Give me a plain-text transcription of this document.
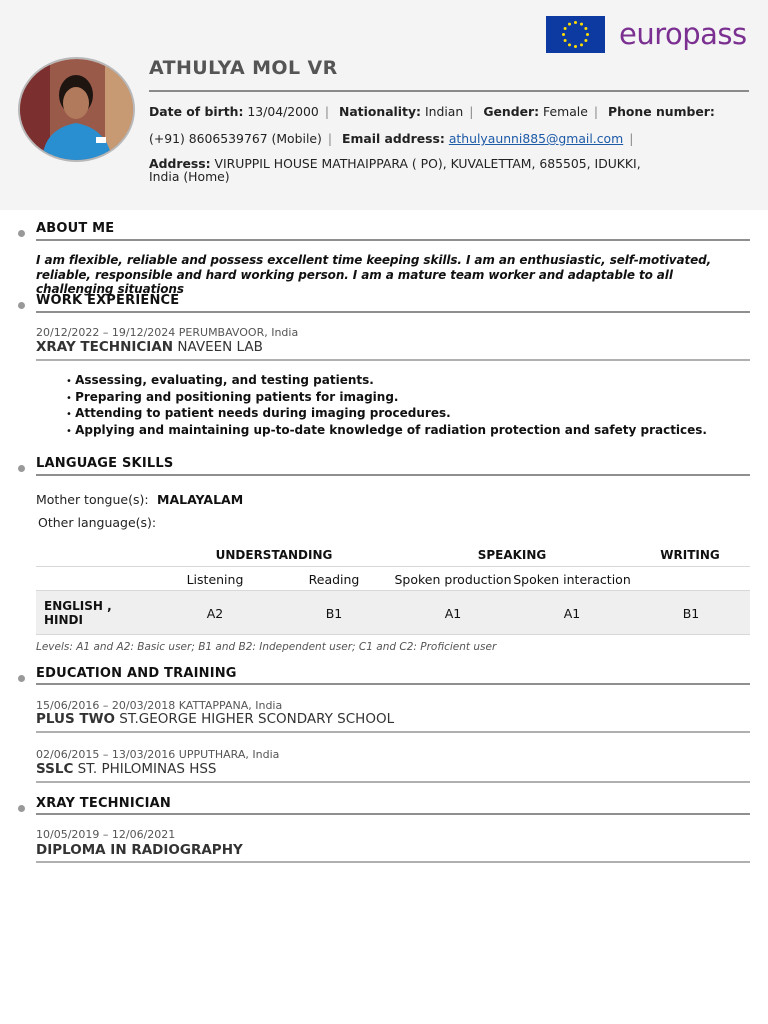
europass
ATHULYA MOL VR
Date of birth: 13/04/2000 | Nationality: Indian | Gender: Female | Phone number:
(+91) 8606539767 (Mobile) | Email address: athulyaunni885@gmail.com |
Address: VIRUPPIL HOUSE MATHAIPPARA ( PO), KUVALETTAM, 685505, IDUKKI,
India (Home)
ABOUT ME
I am flexible, reliable and possess excellent time keeping skills. I am an enthusiastic, self-motivated, reliable, responsible and hard working person. I am a mature team worker and adaptable to all challenging situations
WORK EXPERIENCE
20/12/2022 – 19/12/2024 PERUMBAVOOR, India
XRAY TECHNICIAN NAVEEN LAB
• Assessing, evaluating, and testing patients.
• Preparing and positioning patients for imaging.
• Attending to patient needs during imaging procedures.
• Applying and maintaining up-to-date knowledge of radiation protection and safety practices.
LANGUAGE SKILLS
Mother tongue(s): MALAYALAM
Other language(s):
UNDERSTANDING	SPEAKING	WRITING
Listening	Reading	Spoken production Spoken interaction
ENGLISH ,
HINDI	A2	B1	A1	A1	B1
Levels: A1 and A2: Basic user; B1 and B2: Independent user; C1 and C2: Proficient user
EDUCATION AND TRAINING
15/06/2016 – 20/03/2018 KATTAPPANA, India
PLUS TWO ST.GEORGE HIGHER SCONDARY SCHOOL
02/06/2015 – 13/03/2016 UPPUTHARA, India
SSLC ST. PHILOMINAS HSS
XRAY TECHNICIAN
10/05/2019 – 12/06/2021
DIPLOMA IN RADIOGRAPHY
